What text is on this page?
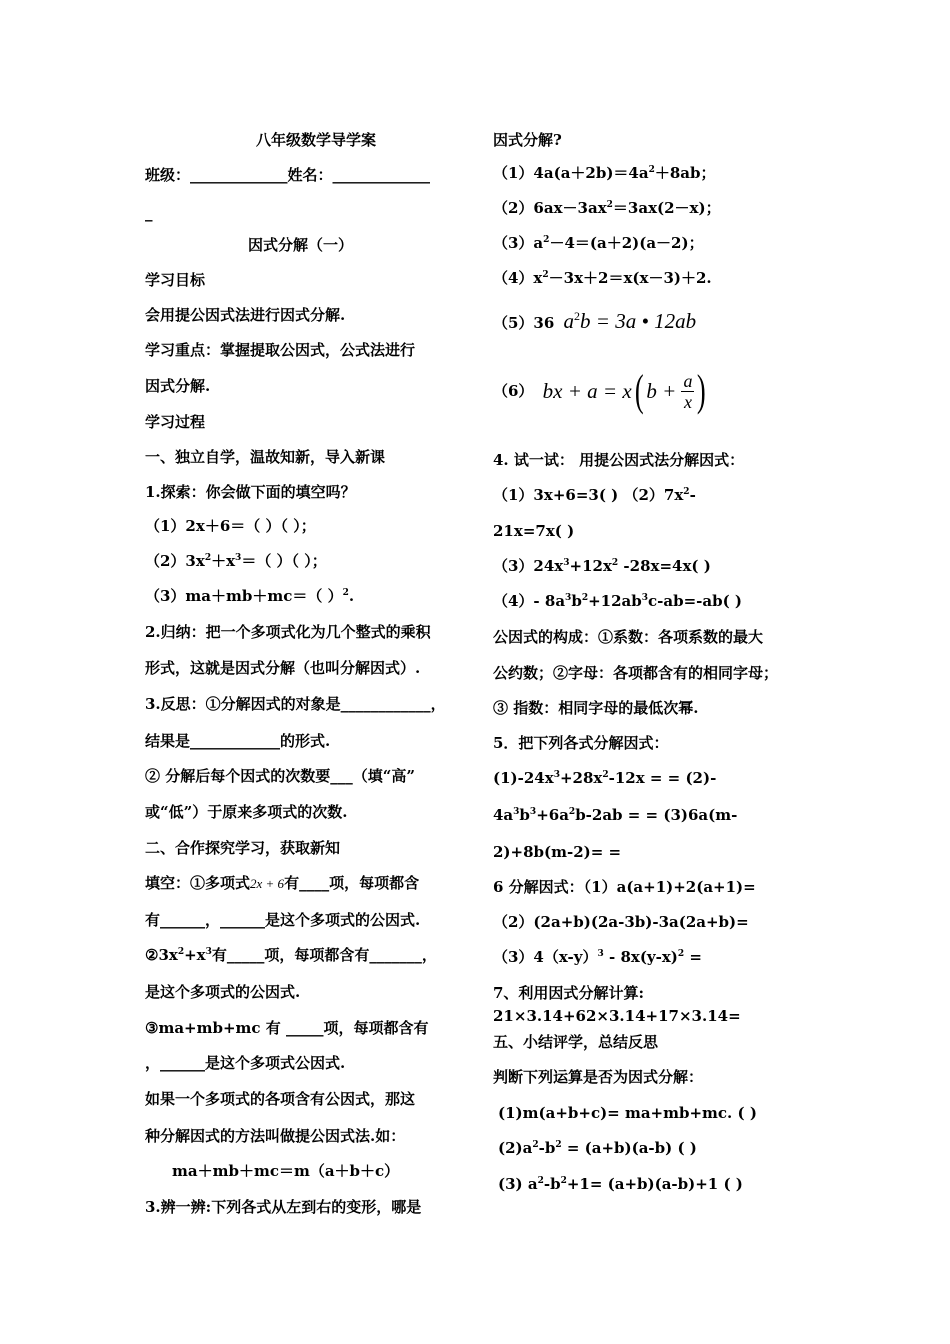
八年级数学导学案
班级：_____________姓名：_____________
_
因式分解（一）
学习目标
会用提公因式法进行因式分解.
学习重点：掌握提取公因式，公式法进行
因式分解.
学习过程
一、独立自学，温故知新，导入新课
1.探索：你会做下面的填空吗？
（1）2x＋6＝（ ）（ ）；
$(2)3x^2+x^3=$（ ）（ ）；
（3）ma＋mb＋mc＝（ ）$^2$.
2.归纳：把一个多项式化为几个整式的乘积
形式，这就是因式分解（也叫分解因式）.
3.反思：①分解因式的对象是____________，
结果是____________的形式.
② 分解后每个因式的次数要___（填“高”
或“低”）于原来多项式的次数.
二、合作探究学习，获取新知
填空：①多项式2x + 6有____项，每项都含
有______，______是这个多项式的公因式.
$②3x^2+x^3$有_____项，每项都含有_______，
是这个多项式的公因式.
③ma+mb+mc 有 _____项，每项都含有
，______是这个多项式公因式.
如果一个多项式的各项含有公因式，那这
种分解因式的方法叫做提公因式法.如：
ma＋mb＋mc＝m（a＋b＋c）
3.辨一辨:下列各式从左到右的变形，哪是
因式分解?
$(1)4a(a+2b)=4a^2+8ab$；
$(2)6ax-3ax^2=3ax(2-x)$；
$(3)a^2-4=(a+2)(a-2)$；
$(4)x^2-3x+2=x(x-3)+2$.
（5）36 $a^2b = 3a$ • 12ab
（6） bx + a = x( $b + \frac{a}{x}$ )
4. 试一试： 用提公因式法分解因式：
（1）3x+6=3( ) $(2)7x^2-$
21x=7x( )
$(3)24x^3+12x^2$ -28x=4x( )
（4）- $8a^3b^2+12ab^3c-ab=-ab$( )
公因式的构成：①系数：各项系数的最大
公约数；②字母：各项都含有的相同字母；
③ 指数：相同字母的最低次幂.
5．把下列各式分解因式：
$(1)-24x^3+28x^2-12x$ = = (2)-
$4a^3b^3+6a^2b-2ab$ = = (3)6a(m-
2)+8b(m-2)= =
6 分解因式：（1）a(a+1)+2(a+1)=
（2）(2a+b)(2a-3b)-3a(2a+b)=
$(3)4(x-y)^3 - 8x(y-x)^2$ =
7、利用因式分解计算:
21×3.14+62×3.14+17×3.14=
五、小结评学，总结反思
判断下列运算是否为因式分解：
(1)m(a+b+c)= ma+mb+mc. ( )
$(2)a^2-b^2 = (a+b)(a-b)$ ( )
(3) $a^2-b^2+1= (a+b)(a-b)+1$ ( )
